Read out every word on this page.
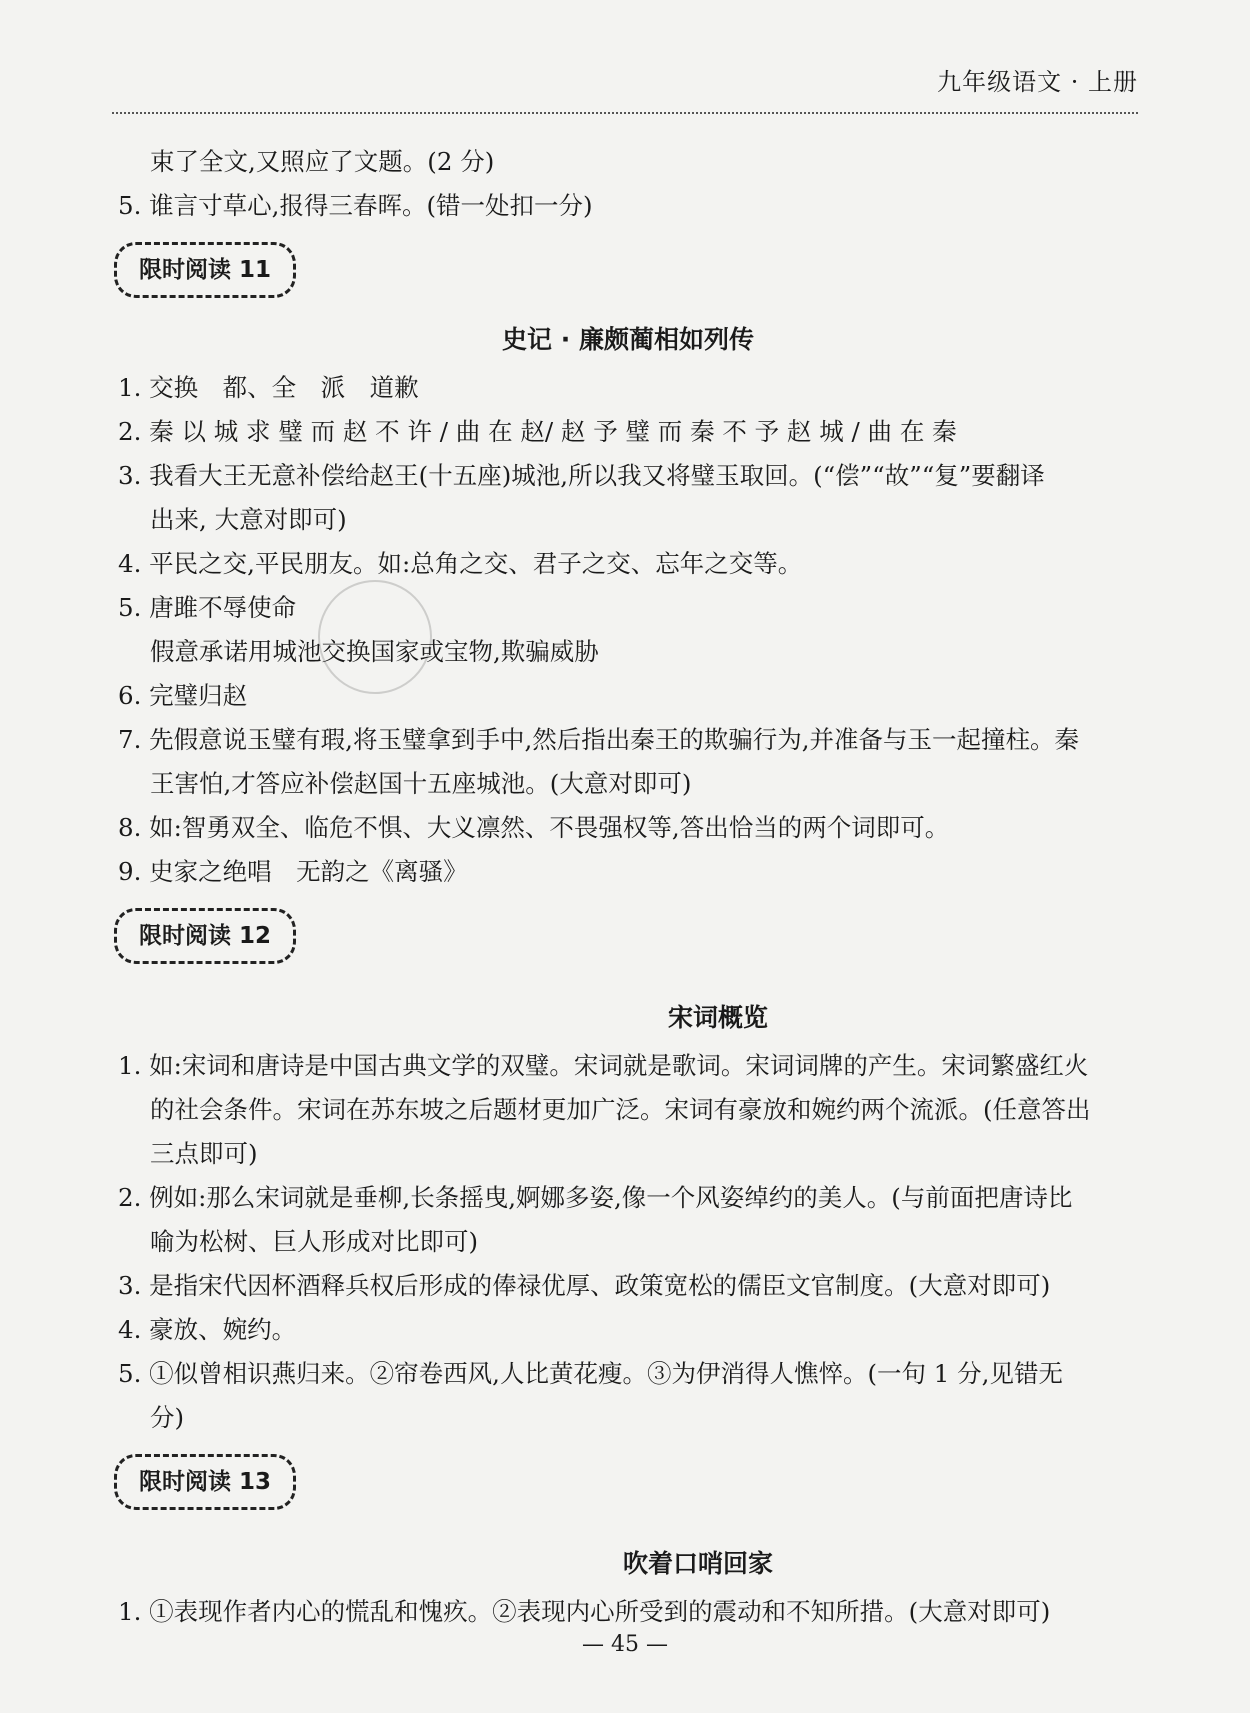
九年级语文 · 上册
束了全文,又照应了文题。(2 分)
5. 谁言寸草心,报得三春晖。(错一处扣一分)
限时阅读 11
史记 · 廉颇蔺相如列传
1. 交换　都、全　派　道歉
2. 秦 以 城 求 璧 而 赵 不 许 / 曲 在 赵/ 赵 予 璧 而 秦 不 予 赵 城 / 曲 在 秦
3. 我看大王无意补偿给赵王(十五座)城池,所以我又将璧玉取回。(“偿”“故”“复”要翻译
出来, 大意对即可)
4. 平民之交,平民朋友。如:总角之交、君子之交、忘年之交等。
5. 唐雎不辱使命
假意承诺用城池交换国家或宝物,欺骗威胁
6. 完璧归赵
7. 先假意说玉璧有瑕,将玉璧拿到手中,然后指出秦王的欺骗行为,并准备与玉一起撞柱。秦
王害怕,才答应补偿赵国十五座城池。(大意对即可)
8. 如:智勇双全、临危不惧、大义凛然、不畏强权等,答出恰当的两个词即可。
9. 史家之绝唱　无韵之《离骚》
限时阅读 12
宋词概览
1. 如:宋词和唐诗是中国古典文学的双璧。宋词就是歌词。宋词词牌的产生。宋词繁盛红火
的社会条件。宋词在苏东坡之后题材更加广泛。宋词有豪放和婉约两个流派。(任意答出
三点即可)
2. 例如:那么宋词就是垂柳,长条摇曳,婀娜多姿,像一个风姿绰约的美人。(与前面把唐诗比
喻为松树、巨人形成对比即可)
3. 是指宋代因杯酒释兵权后形成的俸禄优厚、政策宽松的儒臣文官制度。(大意对即可)
4. 豪放、婉约。
5. ①似曾相识燕归来。②帘卷西风,人比黄花瘦。③为伊消得人憔悴。(一句 1 分,见错无
分)
限时阅读 13
吹着口哨回家
1. ①表现作者内心的慌乱和愧疚。②表现内心所受到的震动和不知所措。(大意对即可)
— 45 —
